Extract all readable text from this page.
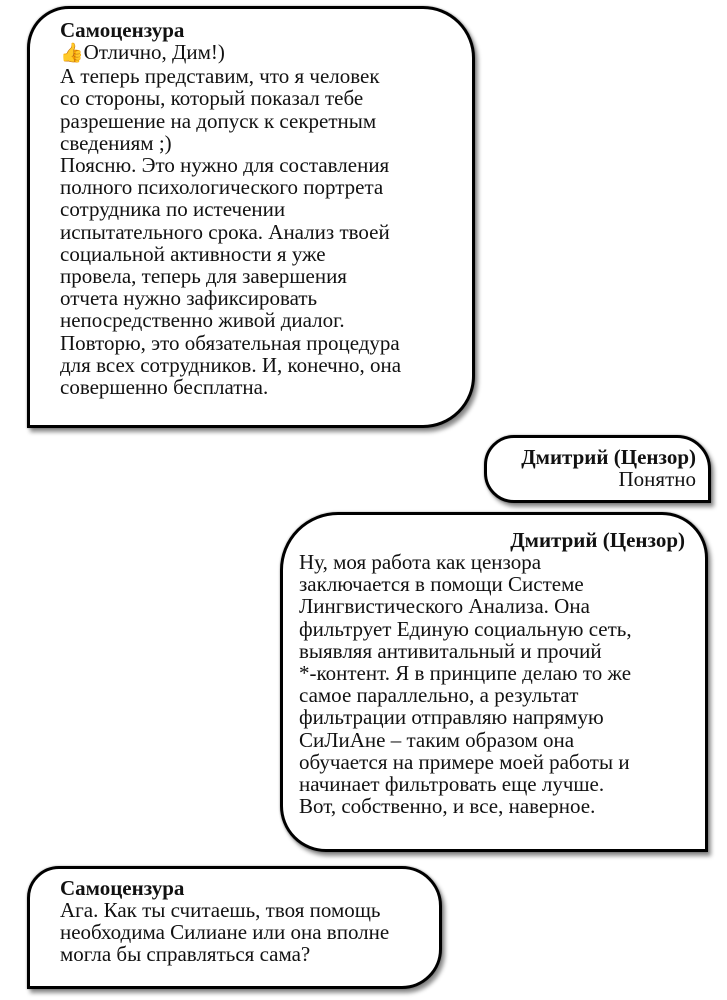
Самоцензура
👍Отлично, Дим!)
А теперь представим, что я человек
со стороны, который показал тебе
разрешение на допуск к секретным
сведениям ;)
Поясню. Это нужно для составления
полного психологического портрета
сотрудника по истечении
испытательного срока. Анализ твоей
социальной активности я уже
провела, теперь для завершения
отчета нужно зафиксировать
непосредственно живой диалог.
Повторю, это обязательная процедура
для всех сотрудников. И, конечно, она
совершенно бесплатна.
Дмитрий (Цензор)
Понятно
Дмитрий (Цензор)
Ну, моя работа как цензора
заключается в помощи Системе
Лингвистического Анализа. Она
фильтрует Единую социальную сеть,
выявляя антивитальный и прочий
*-контент. Я в принципе делаю то же
самое параллельно, а результат
фильтрации отправляю напрямую
СиЛиАне – таким образом она
обучается на примере моей работы и
начинает фильтровать еще лучше.
Вот, собственно, и все, наверное.
Самоцензура
Ага. Как ты считаешь, твоя помощь
необходима Силиане или она вполне
могла бы справляться сама?
